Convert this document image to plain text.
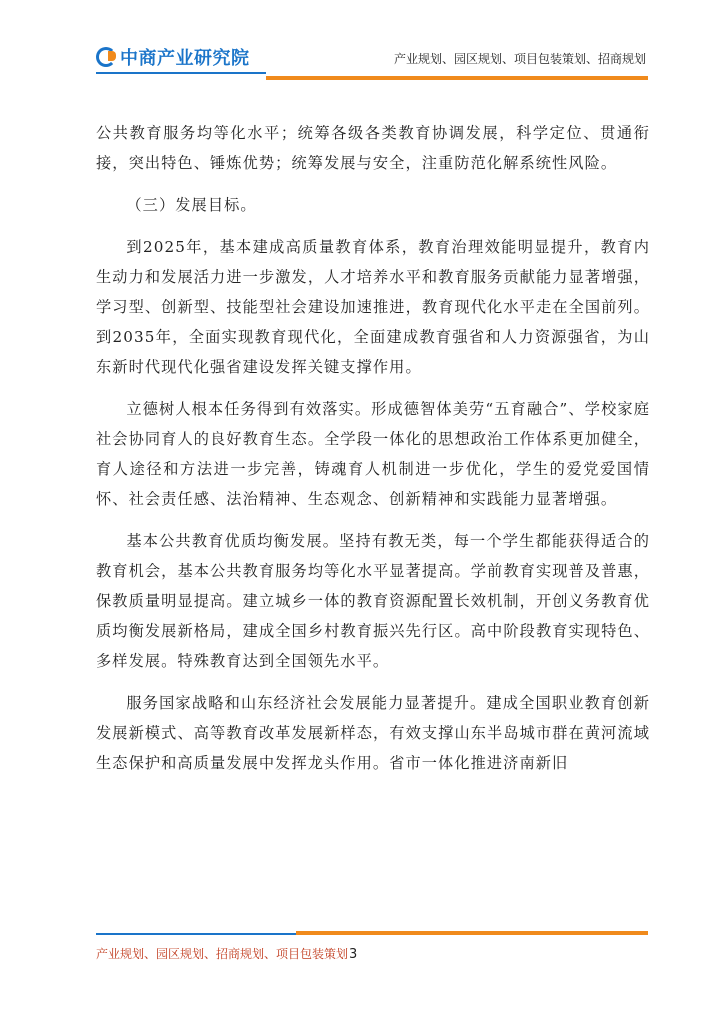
中商产业研究院	产业规划、园区规划、项目包装策划、招商规划

公共教育服务均等化水平；统筹各级各类教育协调发展，科学定位、贯通衔接，突出特色、锤炼优势；统筹发展与安全，注重防范化解系统性风险。

（三）发展目标。

到2025年，基本建成高质量教育体系，教育治理效能明显提升，教育内生动力和发展活力进一步激发，人才培养水平和教育服务贡献能力显著增强，学习型、创新型、技能型社会建设加速推进，教育现代化水平走在全国前列。到2035年，全面实现教育现代化，全面建成教育强省和人力资源强省，为山东新时代现代化强省建设发挥关键支撑作用。

立德树人根本任务得到有效落实。形成德智体美劳“五育融合”、学校家庭社会协同育人的良好教育生态。全学段一体化的思想政治工作体系更加健全，育人途径和方法进一步完善，铸魂育人机制进一步优化，学生的爱党爱国情怀、社会责任感、法治精神、生态观念、创新精神和实践能力显著增强。

基本公共教育优质均衡发展。坚持有教无类，每一个学生都能获得适合的教育机会，基本公共教育服务均等化水平显著提高。学前教育实现普及普惠，保教质量明显提高。建立城乡一体的教育资源配置长效机制，开创义务教育优质均衡发展新格局，建成全国乡村教育振兴先行区。高中阶段教育实现特色、多样发展。特殊教育达到全国领先水平。

服务国家战略和山东经济社会发展能力显著提升。建成全国职业教育创新发展新模式、高等教育改革发展新样态，有效支撑山东半岛城市群在黄河流域生态保护和高质量发展中发挥龙头作用。省市一体化推进济南新旧

产业规划、园区规划、招商规划、项目包装策划 3
